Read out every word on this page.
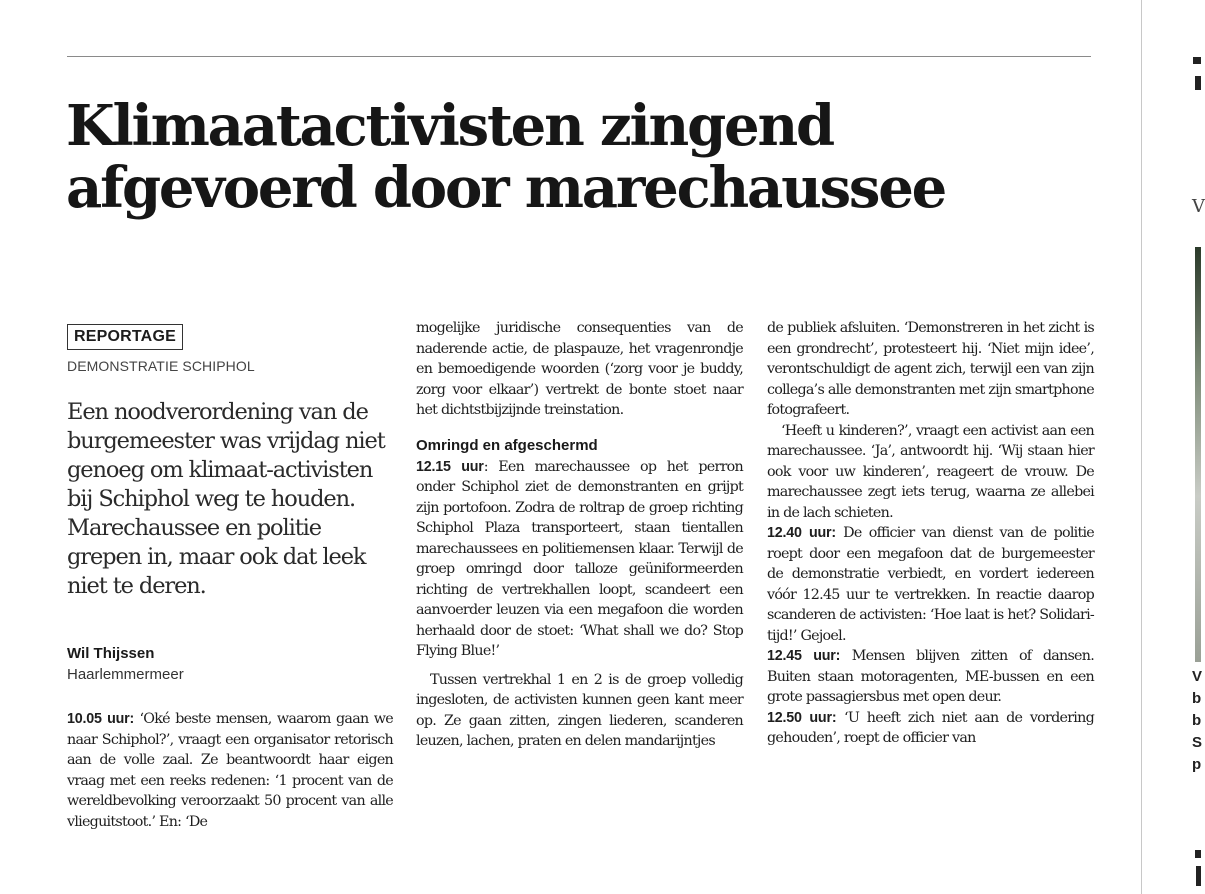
Klimaatactivisten zingend afgevoerd door marechaussee
REPORTAGE
DEMONSTRATIE SCHIPHOL
Een noodverordening van de burgemeester was vrijdag niet genoeg om klimaat-activisten bij Schiphol weg te houden. Marechaussee en politie grepen in, maar ook dat leek niet te deren.
Wil Thijssen
Haarlemmermeer

10.05 uur: ‘Oké beste mensen, waarom gaan we naar Schiphol?’, vraagt een organisator retorisch aan de volle zaal. Ze beantwoordt haar eigen vraag met een reeks redenen: ‘1 procent van de wereldbevolking veroorzaakt 50 procent van alle vlieguitstoot.’ En: ‘De

mogelijke juridische consequenties van de naderende actie, de plaspauze, het vragenrondje en bemoedigende woorden (‘zorg voor je buddy, zorg voor elkaar’) vertrekt de bonte stoet naar het dichtstbijzijnde treinstation.

Omringd en afgeschermd

12.15 uur: Een marechaussee op het perron onder Schiphol ziet de demonstranten en grijpt zijn portofoon. Zodra de roltrap de groep richting Schiphol Plaza transporteert, staan tientallen marechaussees en politiemensen klaar. Terwijl de groep omringd door talloze geüniformeerden richting de vertrekhallen loopt, scandeert een aanvoerder leuzen via een megafoon die worden herhaald door de stoet: ‘What shall we do? Stop Flying Blue!’

Tussen vertrekhal 1 en 2 is de groep volledig ingesloten, de activisten kunnen geen kant meer op. Ze gaan zitten, zingen liederen, scanderen leuzen, lachen, praten en delen mandarijntjes

de publiek afsluiten. ‘Demonstreren in het zicht is een grondrecht’, protesteert hij. ‘Niet mijn idee’, verontschuldigt de agent zich, terwijl een van zijn collega’s alle demonstranten met zijn smartphone fotografeert.

‘Heeft u kinderen?’, vraagt een activist aan een marechaussee. ‘Ja’, antwoordt hij. ‘Wij staan hier ook voor uw kinderen’, reageert de vrouw. De marechaussee zegt iets terug, waarna ze allebei in de lach schieten.

12.40 uur: De officier van dienst van de politie roept door een megafoon dat de burgemeester de demonstratie verbiedt, en vordert iedereen vóór 12.45 uur te vertrekken. In reactie daarop scanderen de activisten: ‘Hoe laat is het? Solidari-tijd!’ Gejoel.

12.45 uur: Mensen blijven zitten of dansen. Buiten staan motoragenten, ME-bussen en een grote passagiersbus met open deur.

12.50 uur: ‘U heeft zich niet aan de vordering gehouden’, roept de officier van

V
V
b
b
S
p
